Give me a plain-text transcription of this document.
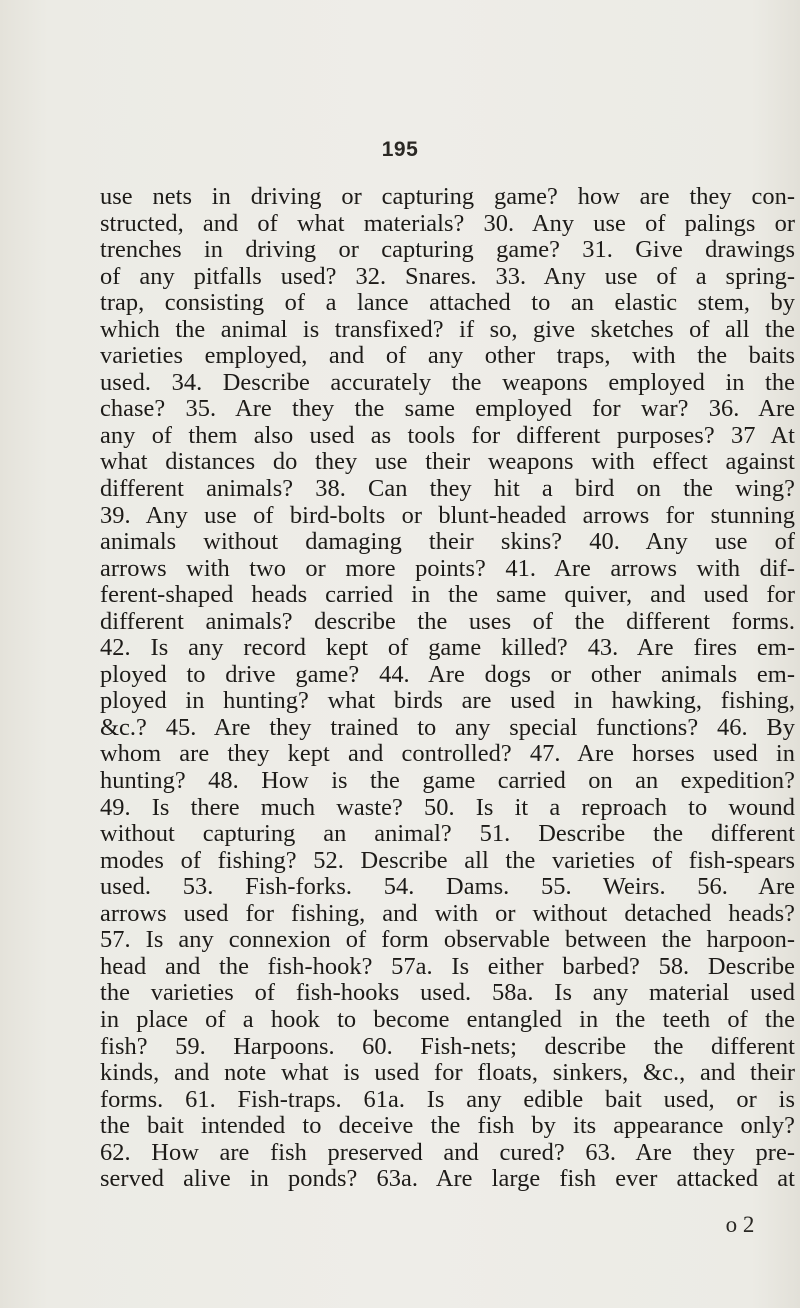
195

use nets in driving or capturing game? how are they con-
structed, and of what materials? 30. Any use of palings or
trenches in driving or capturing game? 31. Give drawings
of any pitfalls used? 32. Snares. 33. Any use of a spring-
trap, consisting of a lance attached to an elastic stem, by
which the animal is transfixed? if so, give sketches of all the
varieties employed, and of any other traps, with the baits
used. 34. Describe accurately the weapons employed in the
chase? 35. Are they the same employed for war? 36. Are
any of them also used as tools for different purposes? 37 At
what distances do they use their weapons with effect against
different animals? 38. Can they hit a bird on the wing?
39. Any use of bird-bolts or blunt-headed arrows for stunning
animals without damaging their skins? 40. Any use of
arrows with two or more points? 41. Are arrows with dif-
ferent-shaped heads carried in the same quiver, and used for
different animals? describe the uses of the different forms.
42. Is any record kept of game killed? 43. Are fires em-
ployed to drive game? 44. Are dogs or other animals em-
ployed in hunting? what birds are used in hawking, fishing,
&c.? 45. Are they trained to any special functions? 46. By
whom are they kept and controlled? 47. Are horses used in
hunting? 48. How is the game carried on an expedition?
49. Is there much waste? 50. Is it a reproach to wound
without capturing an animal? 51. Describe the different
modes of fishing? 52. Describe all the varieties of fish-spears
used. 53. Fish-forks. 54. Dams. 55. Weirs. 56. Are
arrows used for fishing, and with or without detached heads?
57. Is any connexion of form observable between the harpoon-
head and the fish-hook? 57a. Is either barbed? 58. Describe
the varieties of fish-hooks used. 58a. Is any material used
in place of a hook to become entangled in the teeth of the
fish? 59. Harpoons. 60. Fish-nets; describe the different
kinds, and note what is used for floats, sinkers, &c., and their
forms. 61. Fish-traps. 61a. Is any edible bait used, or is
the bait intended to deceive the fish by its appearance only?
62. How are fish preserved and cured? 63. Are they pre-
served alive in ponds? 63a. Are large fish ever attacked at

o 2
